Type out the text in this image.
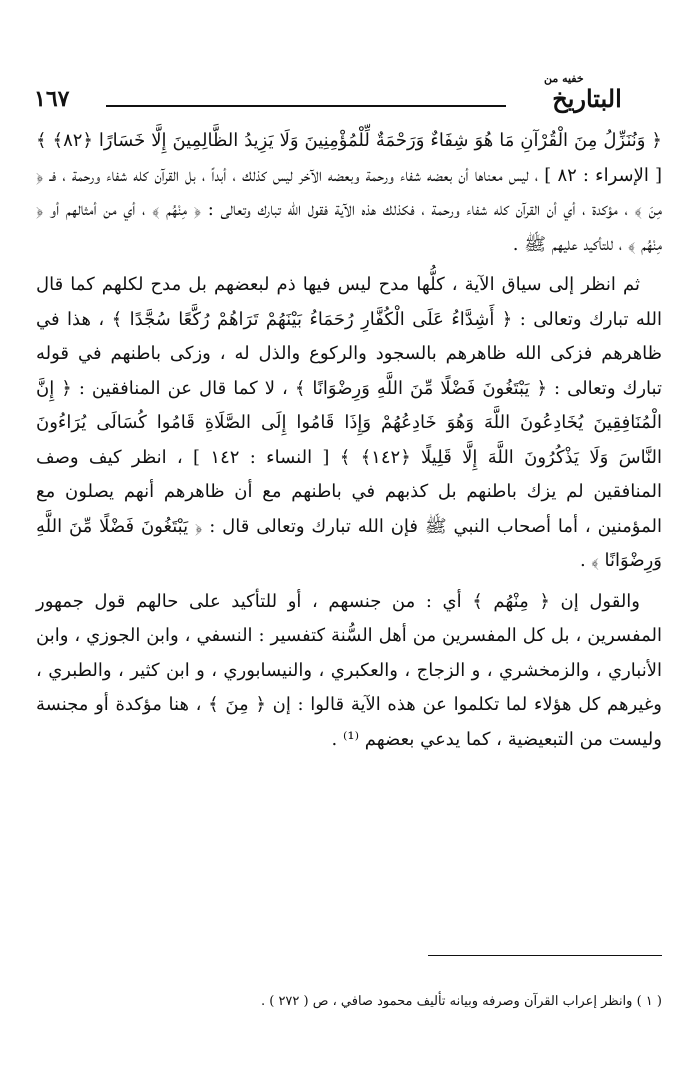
١٦٧
خفيه من
البتاريخ

﴿ وَنُنَزِّلُ مِنَ الْقُرْآنِ مَا هُوَ شِفَاءٌ وَرَحْمَةٌ لِّلْمُؤْمِنِينَ وَلَا يَزِيدُ الظَّالِمِينَ إِلَّا خَسَارًا ﴿٨٢﴾ ﴾ [ الإسراء : ٨٢ ] ، ليس معناها أن بعضه شفاء ورحمة وبعضه الآخر ليس كذلك ، أبداً ، بل القرآن كله شفاء ورحمة ، فـ ﴿ مِنَ ﴾ ، مؤكدة ، أي أن القرآن كله شفاء ورحمة ، فكذلك هذه الآية فقول الله تبارك وتعالى : ﴿ مِنْهُم ﴾ ، أي من أمثالهم أو ﴿ مِنْهُم ﴾ ، للتأكيد عليهم ﷺ .

ثم انظر إلى سياق الآية ، كلُّها مدح ليس فيها ذم لبعضهم بل مدح لكلهم كما قال الله تبارك وتعالى : ﴿ أَشِدَّاءُ عَلَى الْكُفَّارِ رُحَمَاءُ بَيْنَهُمْ تَرَاهُمْ رُكَّعًا سُجَّدًا ﴾ ، هذا في ظاهرهم فزكى الله ظاهرهم بالسجود والركوع والذل له ، وزكى باطنهم في قوله تبارك وتعالى : ﴿ يَبْتَغُونَ فَضْلًا مِّنَ اللَّهِ وَرِضْوَانًا ﴾ ، لا كما قال عن المنافقين : ﴿ إِنَّ الْمُنَافِقِينَ يُخَادِعُونَ اللَّهَ وَهُوَ خَادِعُهُمْ وَإِذَا قَامُوا إِلَى الصَّلَاةِ قَامُوا كُسَالَى يُرَاءُونَ النَّاسَ وَلَا يَذْكُرُونَ اللَّهَ إِلَّا قَلِيلًا ﴿١٤٢﴾ ﴾ [ النساء : ١٤٢ ] ، انظر كيف وصف المنافقين لم يزك باطنهم بل كذبهم في باطنهم مع أن ظاهرهم أنهم يصلون مع المؤمنين ، أما أصحاب النبي ﷺ فإن الله تبارك وتعالى قال : ﴿ يَبْتَغُونَ فَضْلًا مِّنَ اللَّهِ وَرِضْوَانًا ﴾ .

والقول إن ﴿ مِنْهُم ﴾ أي : من جنسهم ، أو للتأكيد على حالهم قول جمهور المفسرين ، بل كل المفسرين من أهل السُّنة كتفسير : النسفي ، وابن الجوزي ، وابن الأنباري ، والزمخشري ، و الزجاج ، والعكبري ، والنيسابوري ، و ابن كثير ، والطبري ، وغيرهم كل هؤلاء لما تكلموا عن هذه الآية قالوا : إن ﴿ مِنَ ﴾ ، هنا مؤكدة أو مجنسة وليست من التبعيضية ، كما يدعي بعضهم ⁽¹⁾ .

( ١ ) وانظر إعراب القرآن وصرفه وبيانه تأليف محمود صافي ، ص ( ٢٧٢ ) .
